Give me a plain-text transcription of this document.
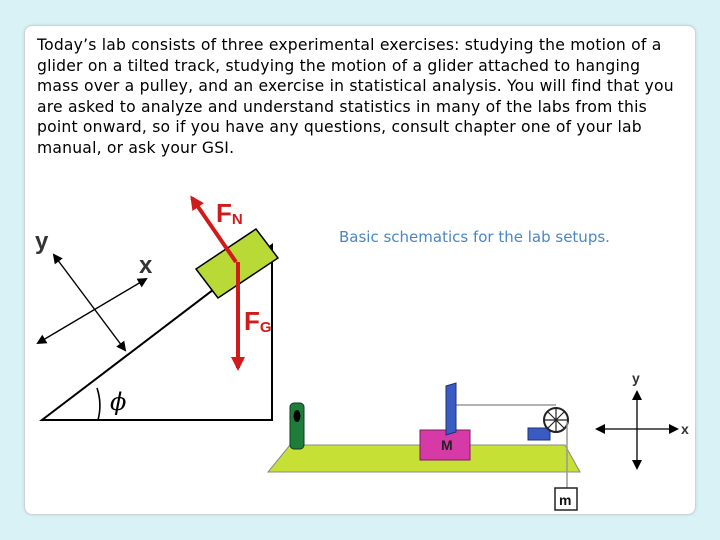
Today’s lab consists of three experimental exercises: studying the motion of a glider on a tilted track, studying the motion of a glider attached to hanging mass over a pulley, and an exercise in statistical analysis. You will find that you are asked to analyze and understand statistics in many of the labs from this point onward, so if you have any questions, consult chapter one of your lab manual, or ask your GSI.

Basic schematics for the lab setups.
ϕ
y
x
FN
FG
M
m
y
x
